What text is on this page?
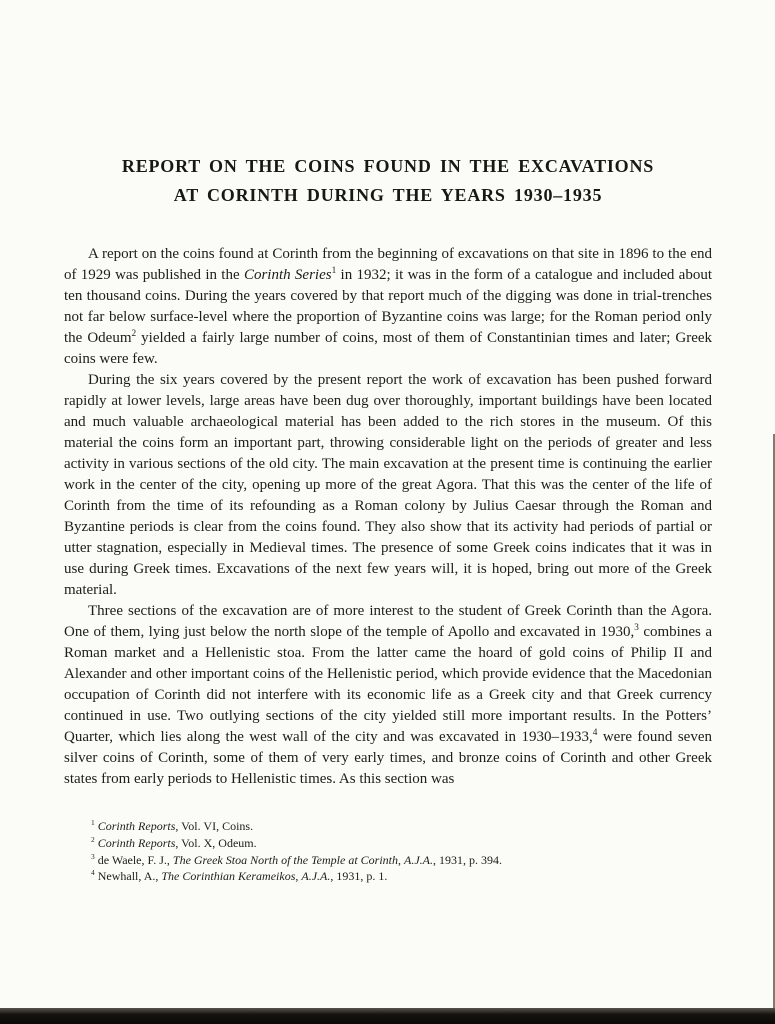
REPORT ON THE COINS FOUND IN THE EXCAVATIONS
AT CORINTH DURING THE YEARS 1930–1935

A report on the coins found at Corinth from the beginning of excavations on that site in 1896 to the end of 1929 was published in the Corinth Series$^1$ in 1932; it was in the form of a catalogue and included about ten thousand coins. During the years covered by that report much of the digging was done in trial-trenches not far below surface-level where the proportion of Byzantine coins was large; for the Roman period only the Odeum$^2$ yielded a fairly large number of coins, most of them of Constantinian times and later; Greek coins were few.

During the six years covered by the present report the work of excavation has been pushed forward rapidly at lower levels, large areas have been dug over thoroughly, important buildings have been located and much valuable archaeological material has been added to the rich stores in the museum. Of this material the coins form an important part, throwing considerable light on the periods of greater and less activity in various sections of the old city. The main excavation at the present time is continuing the earlier work in the center of the city, opening up more of the great Agora. That this was the center of the life of Corinth from the time of its refounding as a Roman colony by Julius Caesar through the Roman and Byzantine periods is clear from the coins found. They also show that its activity had periods of partial or utter stagnation, especially in Medieval times. The presence of some Greek coins indicates that it was in use during Greek times. Excavations of the next few years will, it is hoped, bring out more of the Greek material.

Three sections of the excavation are of more interest to the student of Greek Corinth than the Agora. One of them, lying just below the north slope of the temple of Apollo and excavated in 1930,$^3$ combines a Roman market and a Hellenistic stoa. From the latter came the hoard of gold coins of Philip II and Alexander and other important coins of the Hellenistic period, which provide evidence that the Macedonian occupation of Corinth did not interfere with its economic life as a Greek city and that Greek currency continued in use. Two outlying sections of the city yielded still more important results. In the Potters’ Quarter, which lies along the west wall of the city and was excavated in 1930–1933,$^4$ were found seven silver coins of Corinth, some of them of very early times, and bronze coins of Corinth and other Greek states from early periods to Hellenistic times. As this section was

$^1$ Corinth Reports, Vol. VI, Coins.

$^2$ Corinth Reports, Vol. X, Odeum.

$^3$ de Waele, F. J., The Greek Stoa North of the Temple at Corinth, A.J.A., 1931, p. 394.

$^4$ Newhall, A., The Corinthian Kerameikos, A.J.A., 1931, p. 1.
